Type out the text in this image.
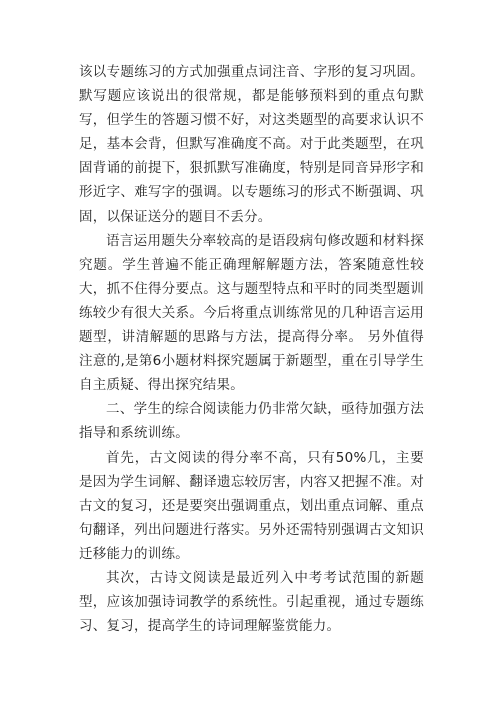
该以专题练习的方式加强重点词注音、字形的复习巩固。默写题应该说出的很常规，都是能够预料到的重点句默写，但学生的答题习惯不好，对这类题型的高要求认识不足，基本会背，但默写准确度不高。对于此类题型，在巩固背诵的前提下，狠抓默写准确度，特别是同音异形字和形近字、难写字的强调。以专题练习的形式不断强调、巩固，以保证送分的题目不丢分。

语言运用题失分率较高的是语段病句修改题和材料探究题。学生普遍不能正确理解解题方法，答案随意性较大，抓不住得分要点。这与题型特点和平时的同类型题训练较少有很大关系。今后将重点训练常见的几种语言运用题型，讲清解题的思路与方法，提高得分率。 另外值得注意的,是第6小题材料探究题属于新题型，重在引导学生自主质疑、得出探究结果。

二、学生的综合阅读能力仍非常欠缺，亟待加强方法指导和系统训练。

首先，古文阅读的得分率不高，只有50%几，主要是因为学生词解、翻译遗忘较厉害，内容又把握不准。对古文的复习，还是要突出强调重点，划出重点词解、重点句翻译，列出问题进行落实。另外还需特别强调古文知识迁移能力的训练。

其次，古诗文阅读是最近列入中考考试范围的新题型，应该加强诗词教学的系统性。引起重视，通过专题练习、复习，提高学生的诗词理解鉴赏能力。
